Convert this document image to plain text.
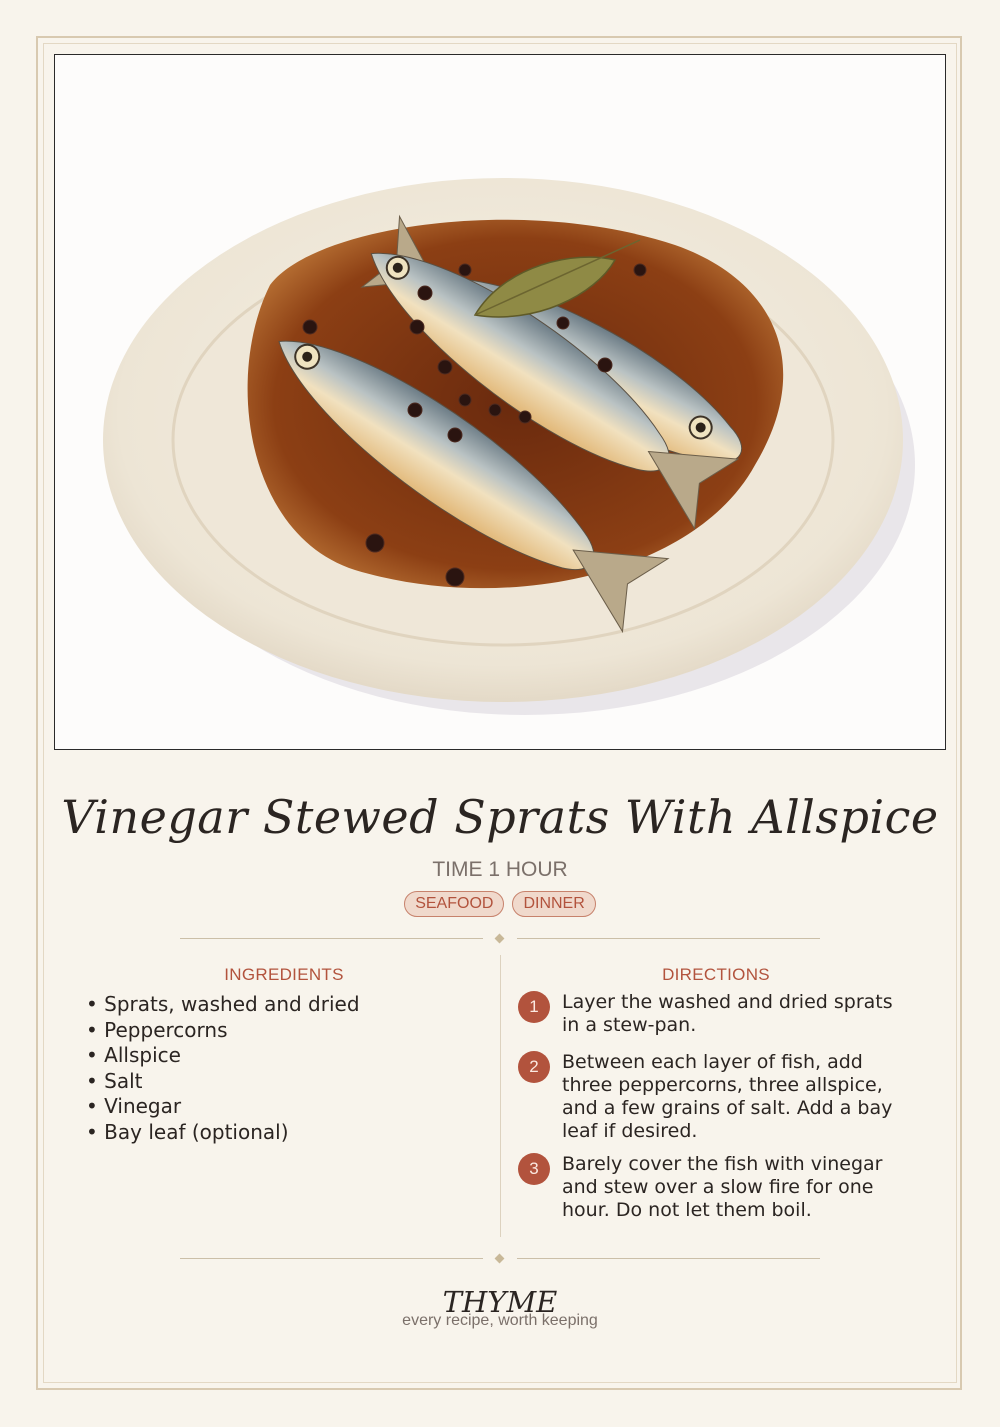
Vinegar Stewed Sprats With Allspice
TIME 1 HOUR
SEAFOOD	DINNER
INGREDIENTS
• Sprats, washed and dried
• Peppercorns
• Allspice
• Salt
• Vinegar
• Bay leaf (optional)
DIRECTIONS
1	Layer the washed and dried sprats in a stew-pan.
2	Between each layer of fish, add three peppercorns, three allspice, and a few grains of salt. Add a bay leaf if desired.
3	Barely cover the fish with vinegar and stew over a slow fire for one hour. Do not let them boil.
THYME
every recipe, worth keeping
